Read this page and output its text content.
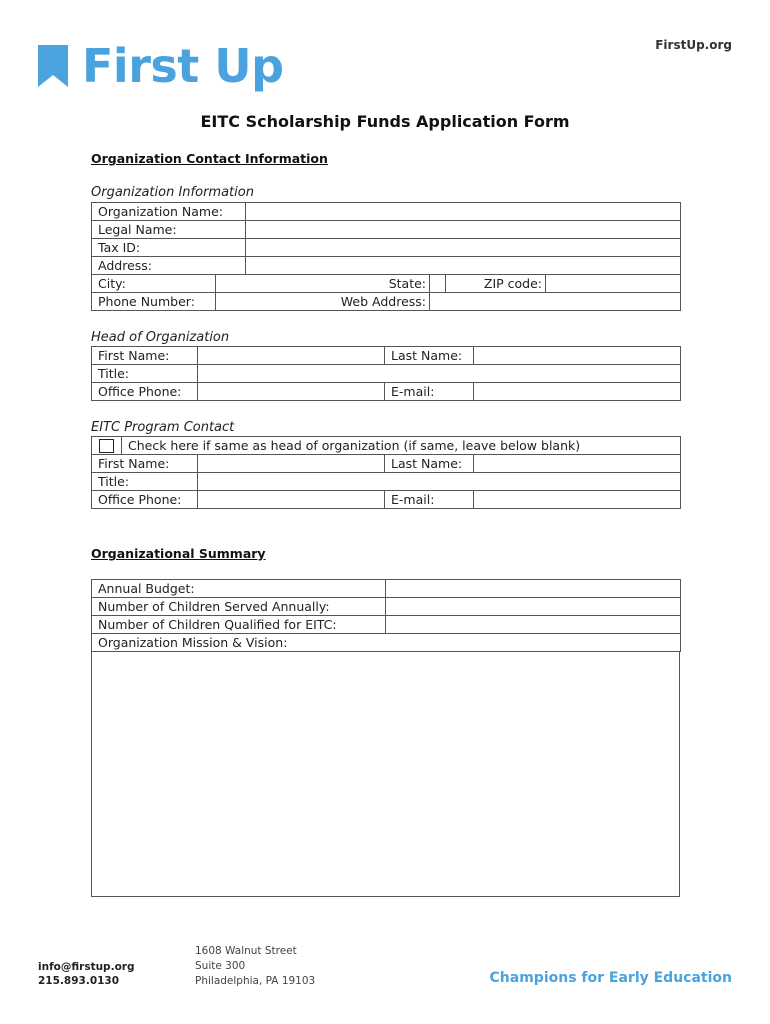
First Up	FirstUp.org
EITC Scholarship Funds Application Form
Organization Contact Information
Organization Information
Organization Name:					
Legal Name:					
Tax ID:					
Address:					
City:	State:			ZIP code:	
Phone Number:	Web Address:				
Head of Organization
First Name:		Last Name:	
Title:			
Office Phone:		E-mail:	
EITC Program Contact
	Check here if same as head of organization (if same, leave below blank)			
First Name:			Last Name:	
Title:				
Office Phone:			E-mail:	
Organizational Summary
Annual Budget:	
Number of Children Served Annually:	
Number of Children Qualified for EITC:	
Organization Mission & Vision:	
info@firstup.org
215.893.0130
1608 Walnut Street
Suite 300
Philadelphia, PA 19103	Champions for Early Education
